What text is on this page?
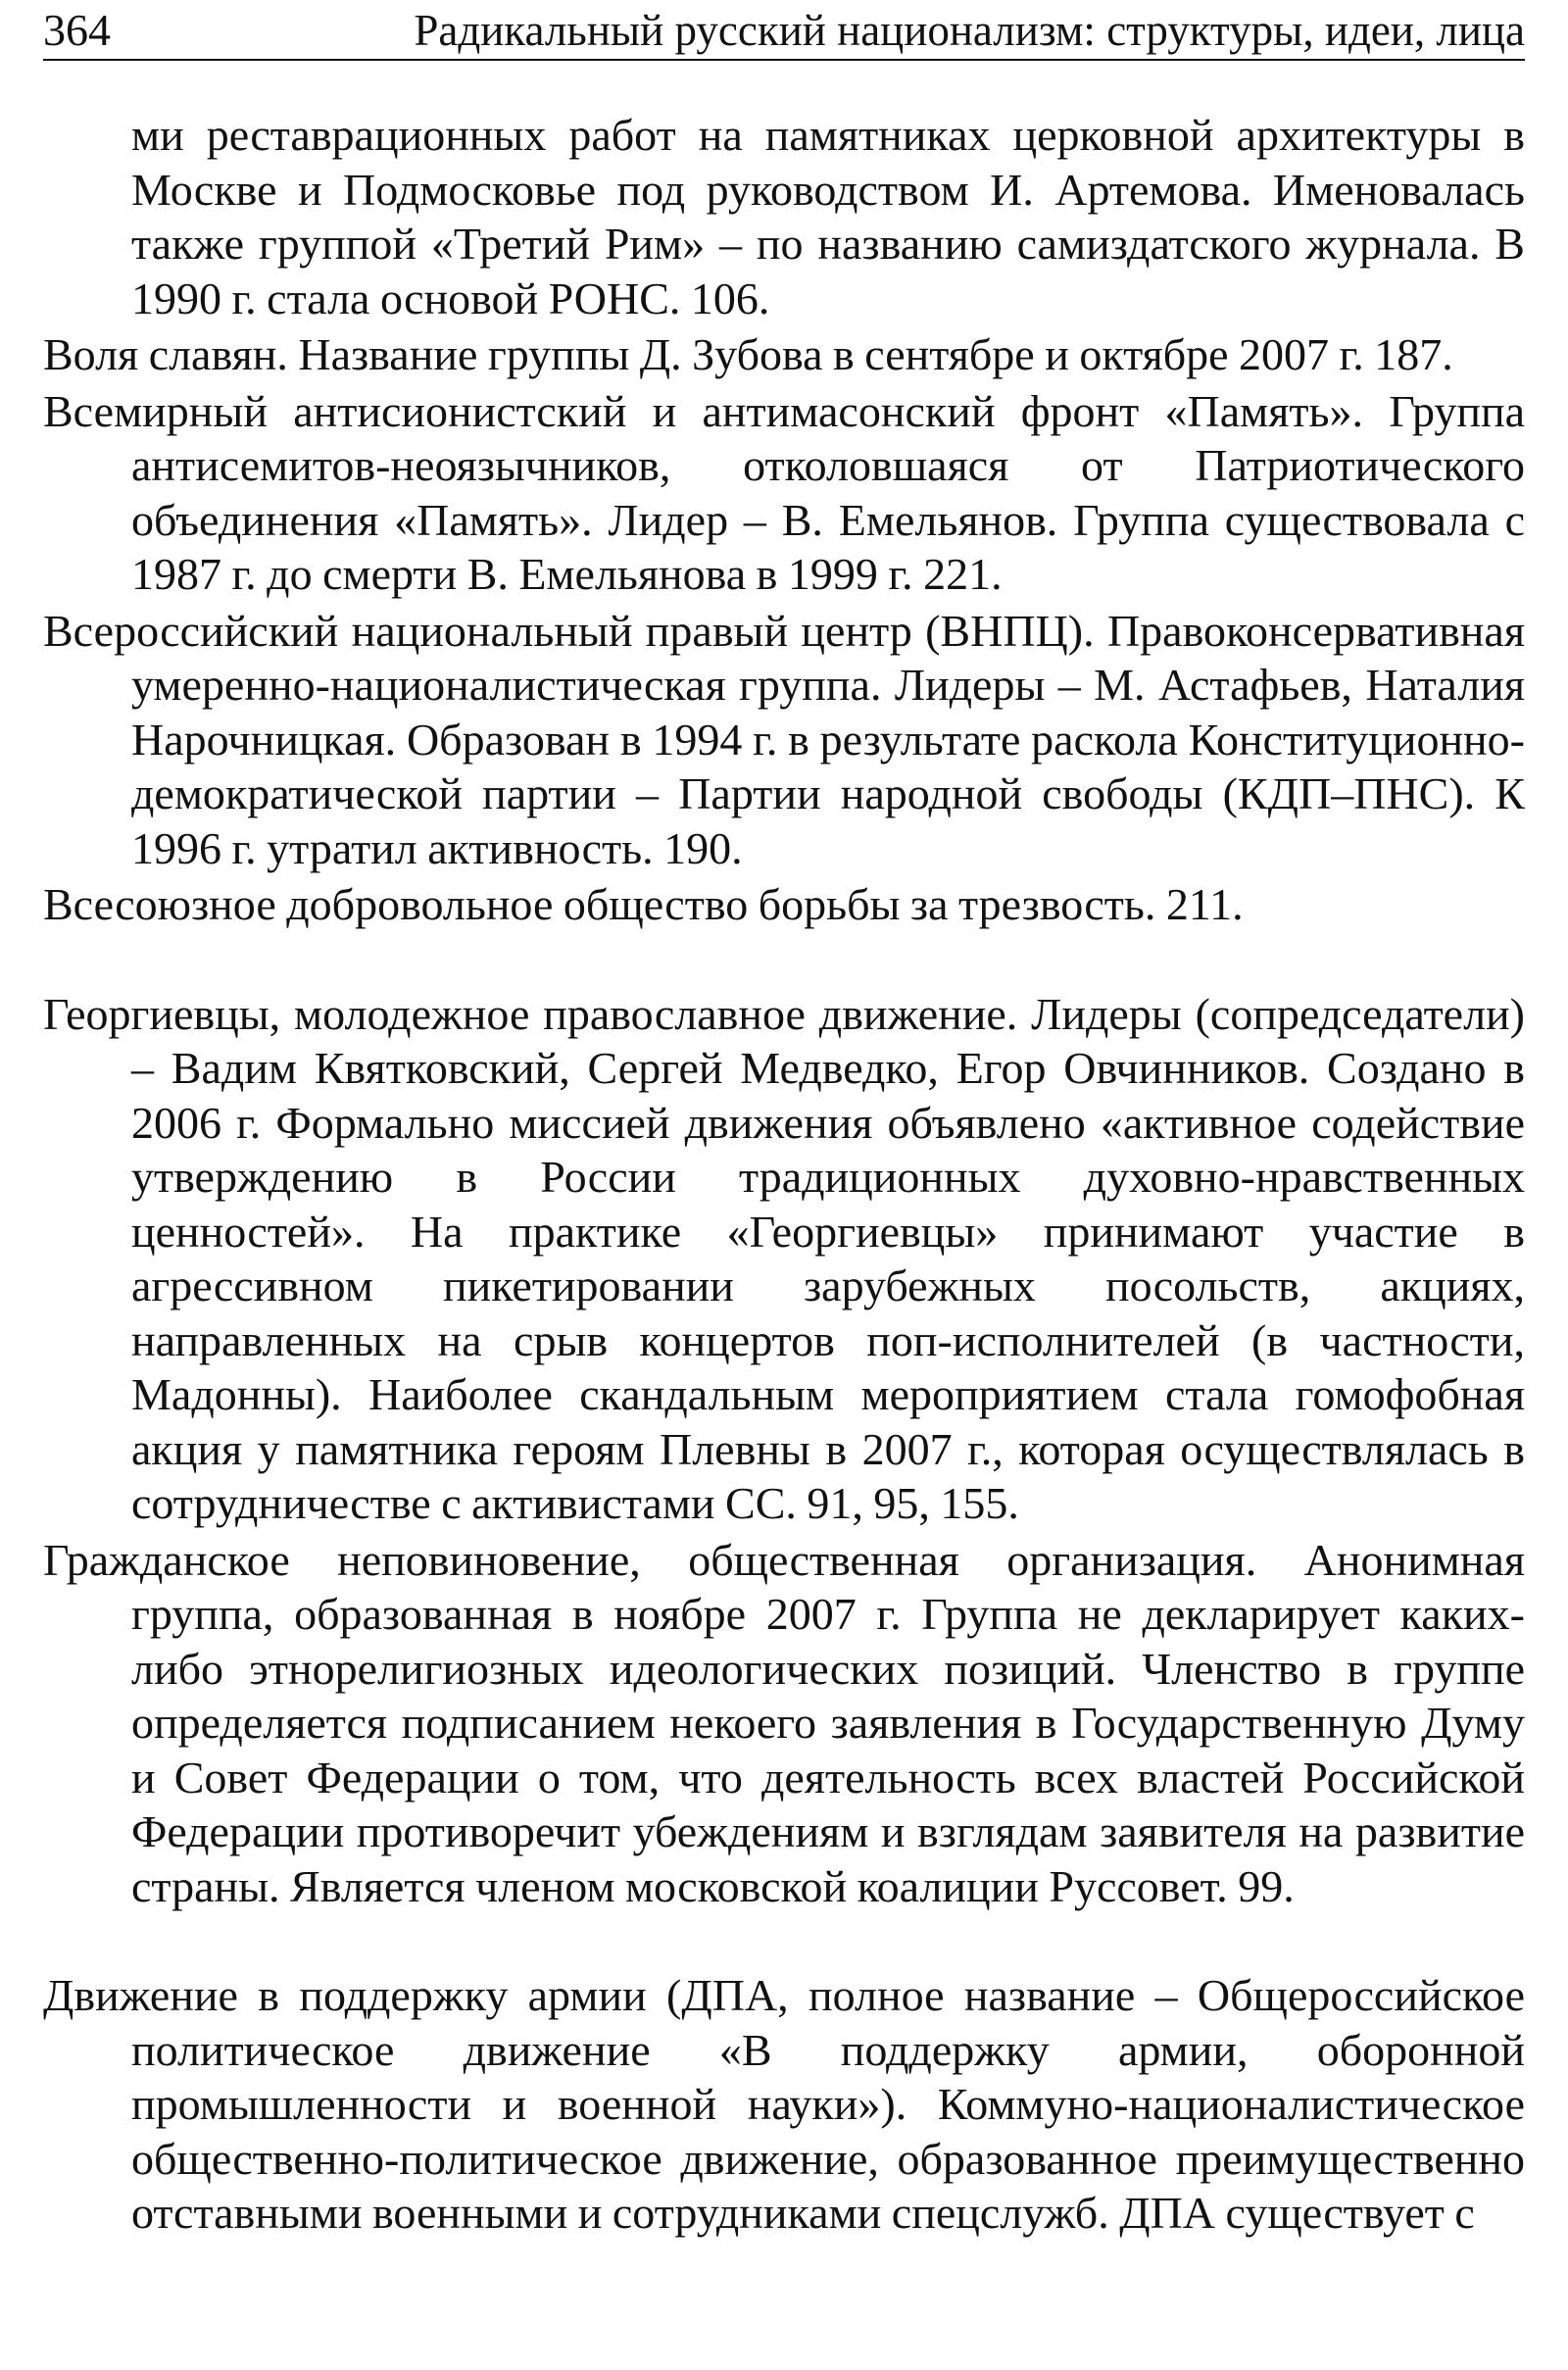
364	Радикальный русский национализм: структуры, идеи, лица

ми реставрационных работ на памятниках церковной архитектуры в Москве и Подмосковье под руководством И. Артемова. Именовалась также группой «Третий Рим» – по названию самиздатского журнала. В 1990 г. стала основой РОНС. 106.

Воля славян. Название группы Д. Зубова в сентябре и октябре 2007 г. 187.

Всемирный антисионистский и антимасонский фронт «Память». Группа антисемитов-неоязычников, отколовшаяся от Патриотического объединения «Память». Лидер – В. Емельянов. Группа существовала с 1987 г. до смерти В. Емельянова в 1999 г. 221.

Всероссийский национальный правый центр (ВНПЦ). Правоконсервативная умеренно-националистическая группа. Лидеры – М. Астафьев, Наталия Нарочницкая. Образован в 1994 г. в результате раскола Конституционно-демократической партии – Партии народной свободы (КДП–ПНС). К 1996 г. утратил активность. 190.

Всесоюзное добровольное общество борьбы за трезвость. 211.

Георгиевцы, молодежное православное движение. Лидеры (сопредседатели) – Вадим Квятковский, Сергей Медведко, Егор Овчинников. Создано в 2006 г. Формально миссией движения объявлено «активное содействие утверждению в России традиционных духовно-нравственных ценностей». На практике «Георгиевцы» принимают участие в агрессивном пикетировании зарубежных посольств, акциях, направленных на срыв концертов поп-исполнителей (в частности, Мадонны). Наиболее скандальным мероприятием стала гомофобная акция у памятника героям Плевны в 2007 г., которая осуществлялась в сотрудничестве с активистами СС. 91, 95, 155.

Гражданское неповиновение, общественная организация. Анонимная группа, образованная в ноябре 2007 г. Группа не декларирует каких-либо этнорелигиозных идеологических позиций. Членство в группе определяется подписанием некоего заявления в Государственную Думу и Совет Федерации о том, что деятельность всех властей Российской Федерации противоречит убеждениям и взглядам заявителя на развитие страны. Является членом московской коалиции Руссовет. 99.

Движение в поддержку армии (ДПА, полное название – Общероссийское политическое движение «В поддержку армии, оборонной промышленности и военной науки»). Коммуно-националистическое общественно-политическое движение, образованное преимущественно отставными военными и сотрудниками спецслужб. ДПА существует с
